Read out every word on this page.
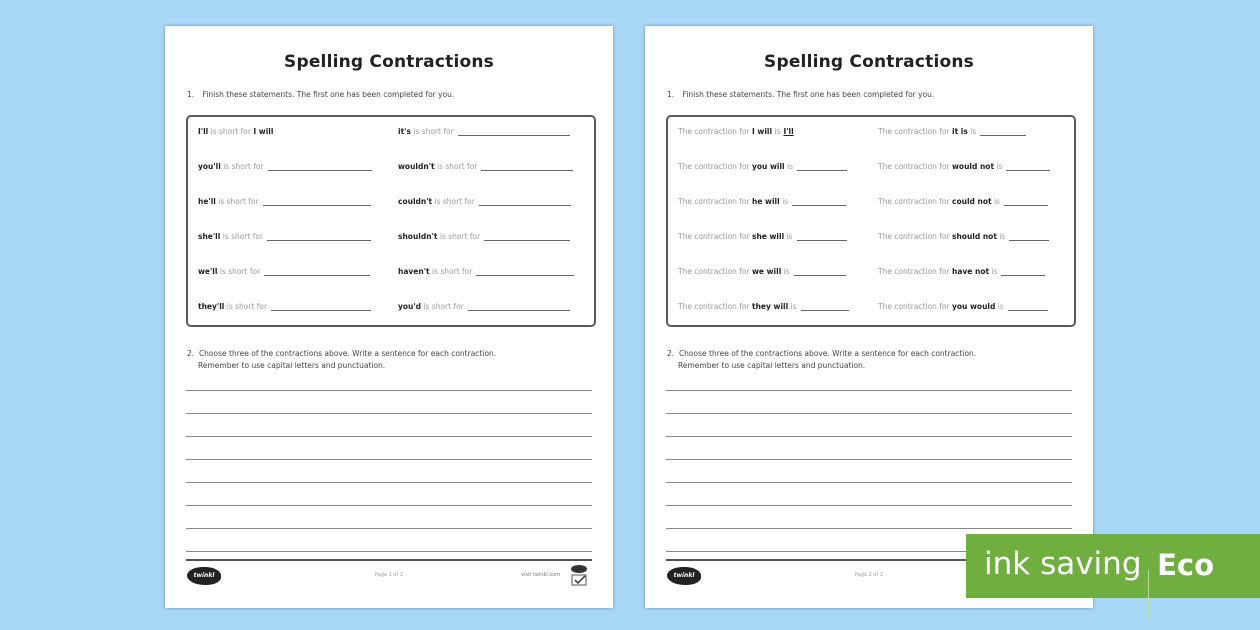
Spelling Contractions
1. Finish these statements. The first one has been completed for you.
I'll is short for I will	it's is short for
you'll is short for	wouldn't is short for
he'll is short for	couldn't is short for
she'll is short for	shouldn't is short for
we'll is short for	haven't is short for
they'll is short for	you'd is short for
2. Choose three of the contractions above. Write a sentence for each contraction.
Remember to use capital letters and punctuation.
twinkl	Page 1 of 2	visit twinkl.com
Spelling Contractions
1. Finish these statements. The first one has been completed for you.
The contraction for I will is I'll	The contraction for it is is
The contraction for you will is	The contraction for would not is
The contraction for he will is	The contraction for could not is
The contraction for she will is	The contraction for should not is
The contraction for we will is	The contraction for have not is
The contraction for they will is	The contraction for you would is
2. Choose three of the contractions above. Write a sentence for each contraction.
Remember to use capital letters and punctuation.
twinkl	Page 2 of 2	ink saving Eco
